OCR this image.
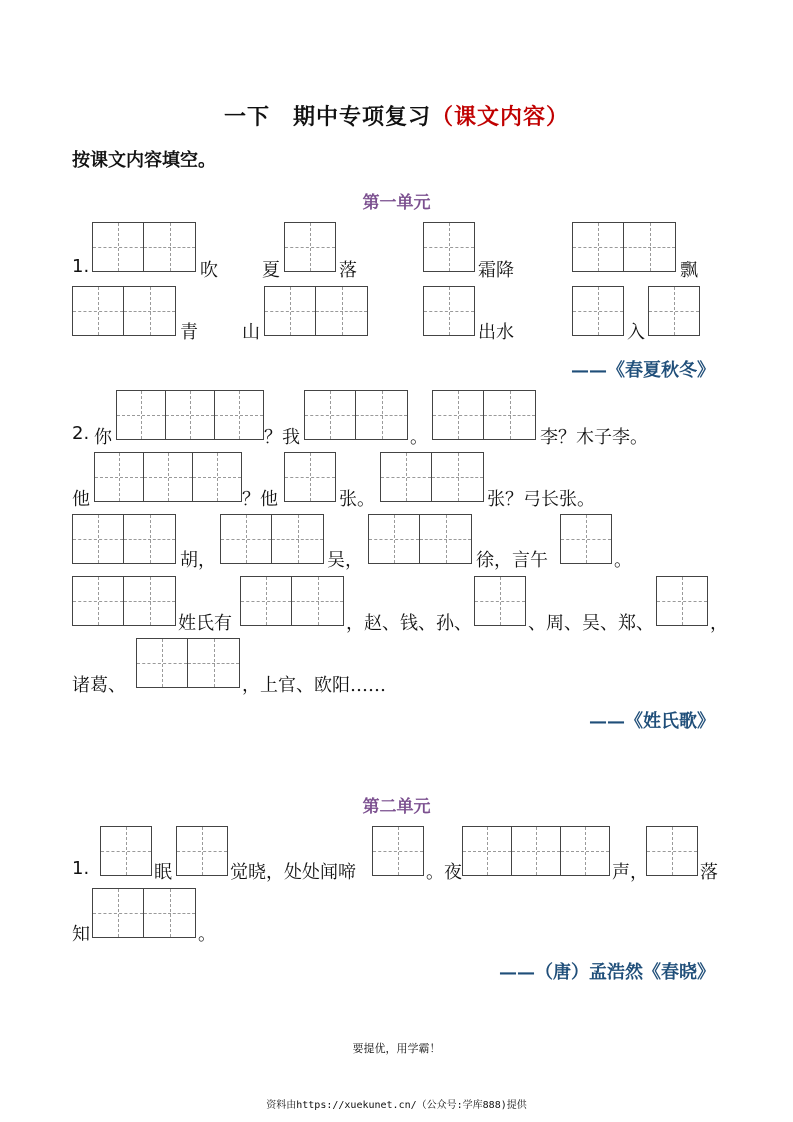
一下　期中专项复习（课文内容）
按课文内容填空。
第一单元
1.	吹 夏	落	霜降	飘
青 山	出水	入
——《春夏秋冬》
2. 你	？我	。	李？木子李。
他	？他	张。	张？弓长张。
胡，	吴，	徐，言午	。
姓氏有	，赵、钱、孙、	、周、吴、郑、	，
诸葛、	，上官、欧阳……
——《姓氏歌》
第二单元
1.	眠	觉晓，处处闻啼	。夜	声，	落
知	。
——（唐）孟浩然《春晓》
要提优，用学霸！
资料由https://xuekunet.cn/（公众号:学库888)提供
